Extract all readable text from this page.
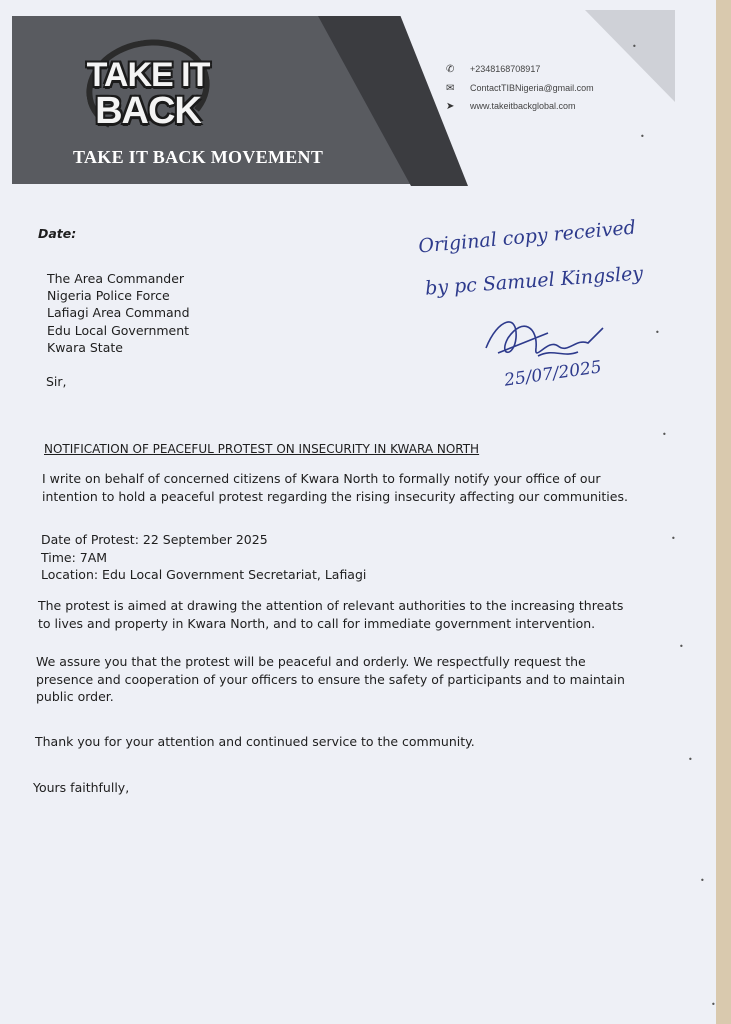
TAKE IT
BACK
TAKE IT BACK MOVEMENT
✆ +2348168708917
✉ ContactTIBNigeria@gmail.com
➤ www.takeitbackglobal.com
Date:
The Area Commander
Nigeria Police Force
Lafiagi Area Command
Edu Local Government
Kwara State
Sir,
NOTIFICATION OF PEACEFUL PROTEST ON INSECURITY IN KWARA NORTH
I write on behalf of concerned citizens of Kwara North to formally notify your office of our
intention to hold a peaceful protest regarding the rising insecurity affecting our communities.
Date of Protest: 22 September 2025
Time: 7AM
Location: Edu Local Government Secretariat, Lafiagi
The protest is aimed at drawing the attention of relevant authorities to the increasing threats
to lives and property in Kwara North, and to call for immediate government intervention.
We assure you that the protest will be peaceful and orderly. We respectfully request the
presence and cooperation of your officers to ensure the safety of participants and to maintain
public order.
Thank you for your attention and continued service to the community.
Yours faithfully,
Original copy received
by pc Samuel Kingsley
25/07/2025
